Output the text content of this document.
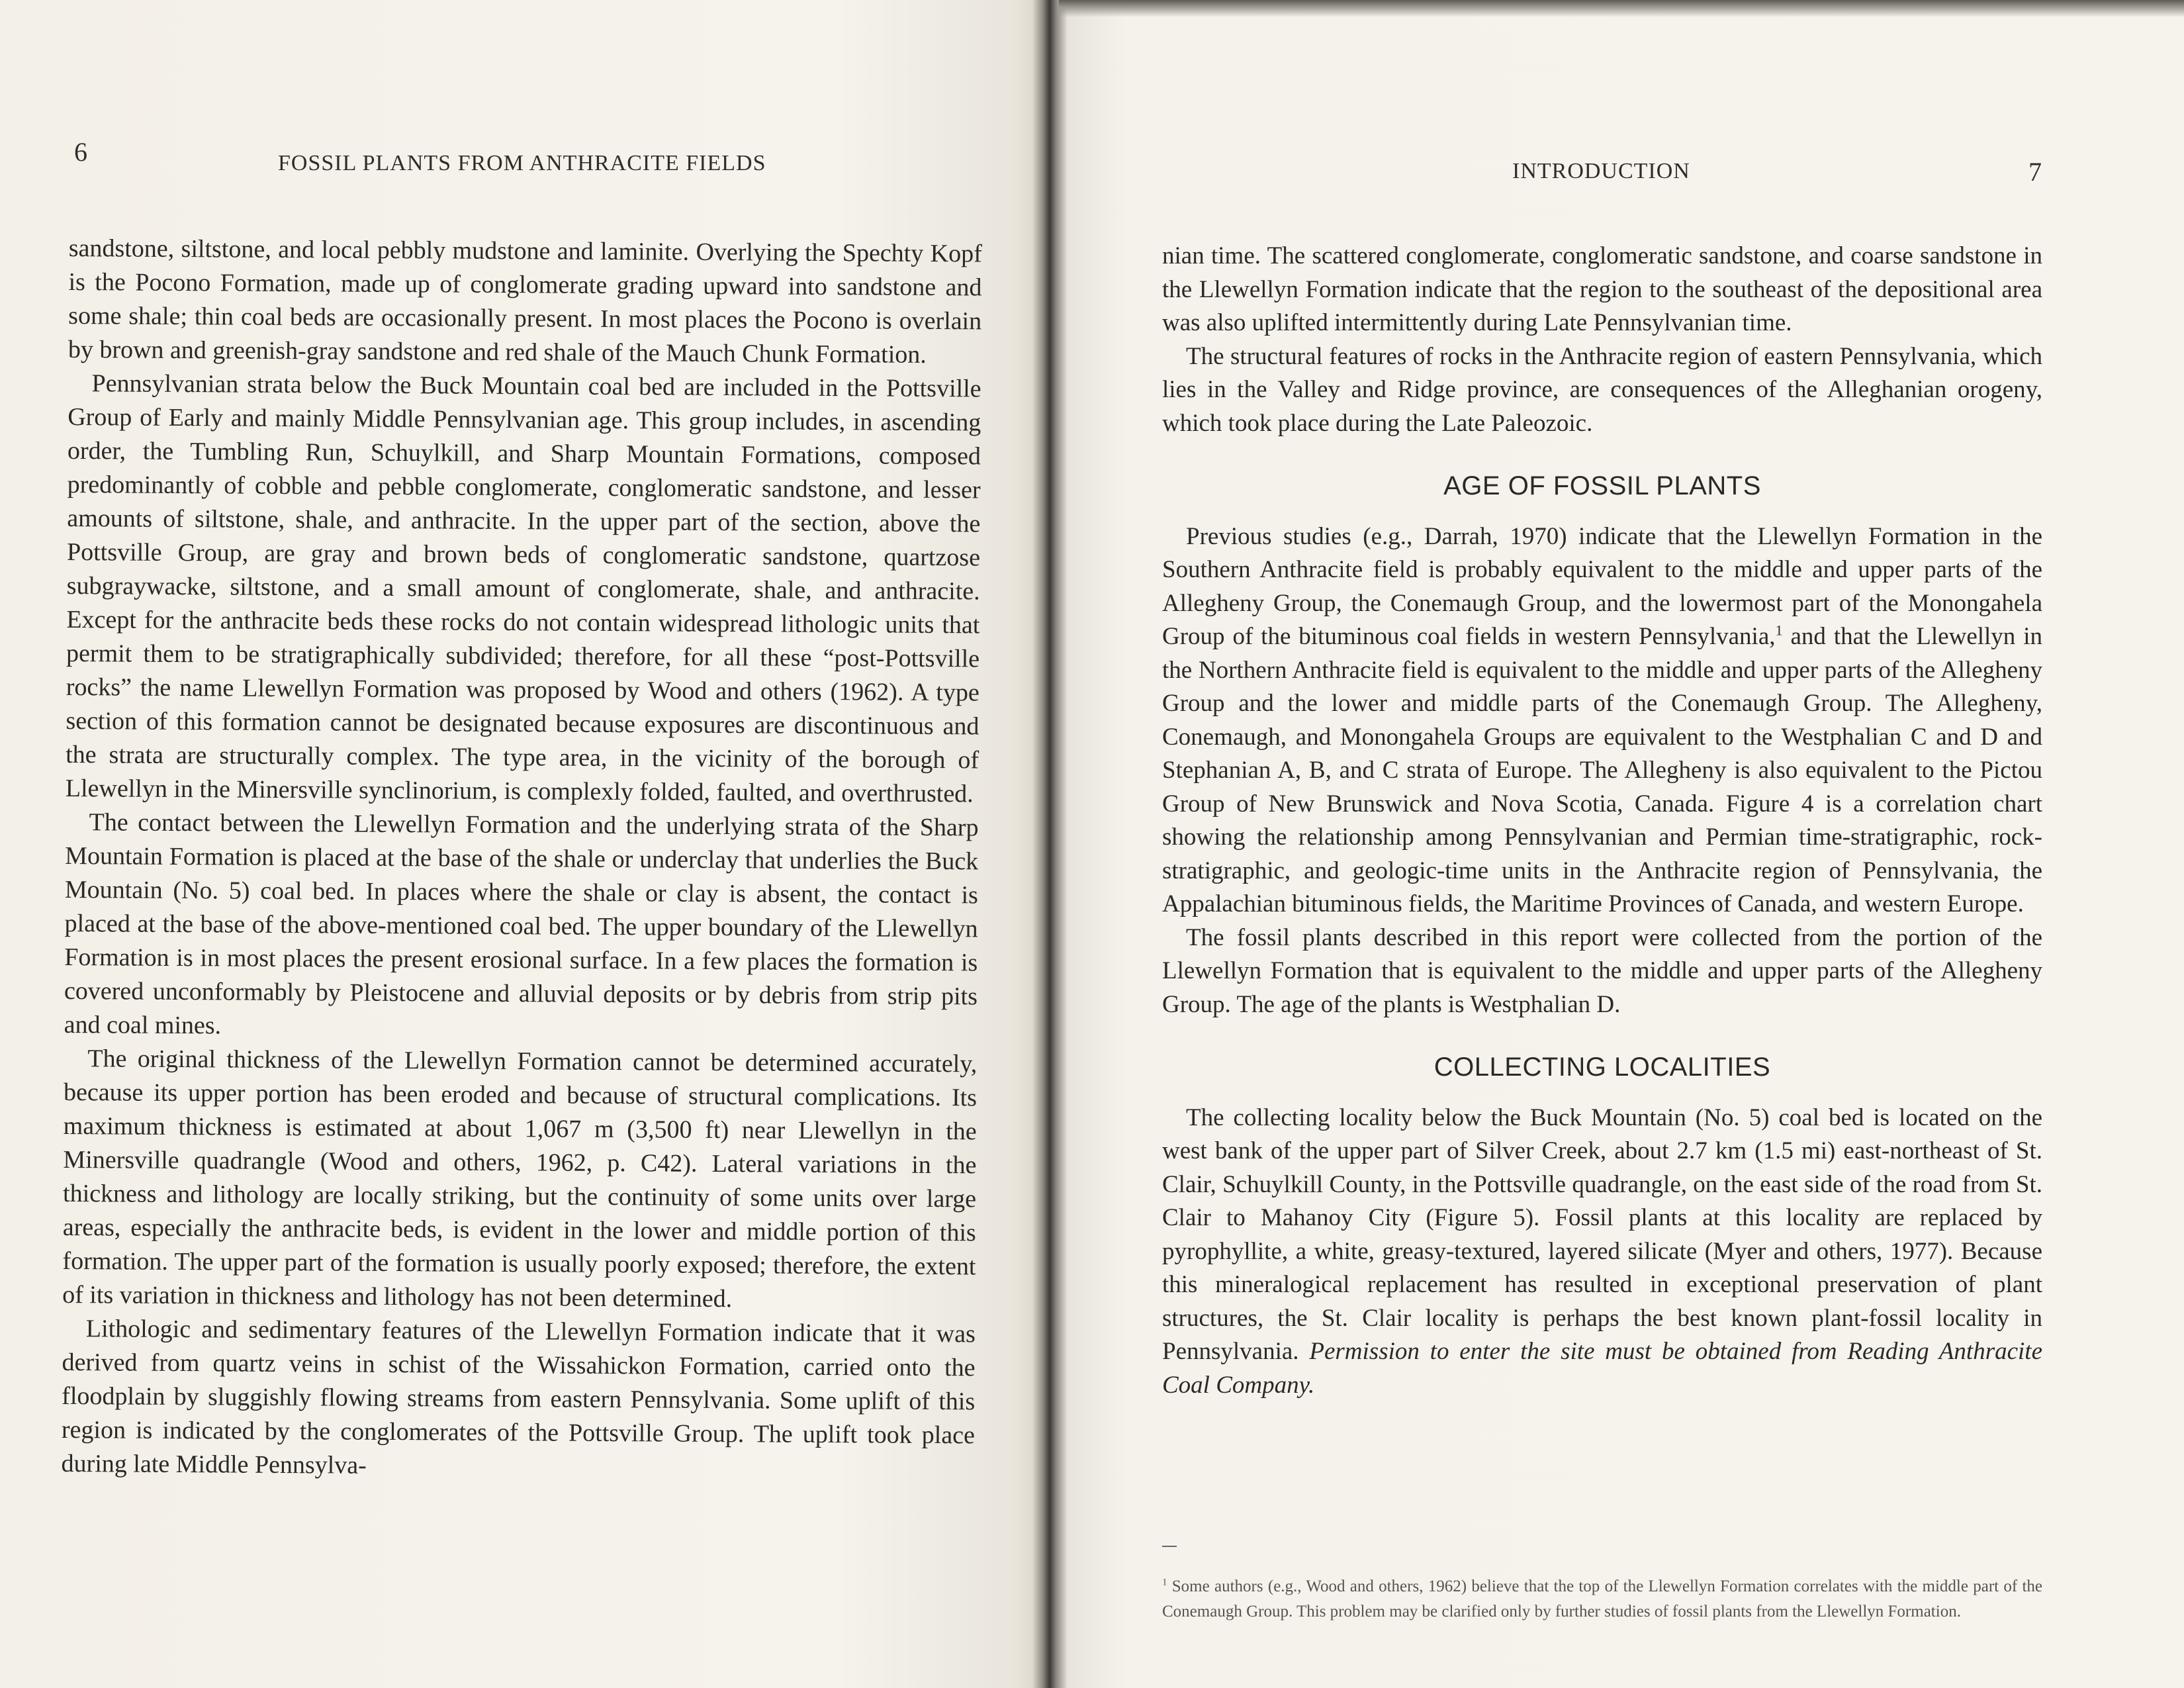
6	FOSSIL PLANTS FROM ANTHRACITE FIELDS

sandstone, siltstone, and local pebbly mudstone and laminite. Overlying the Spechty Kopf is the Pocono Formation, made up of conglomerate grading upward into sandstone and some shale; thin coal beds are occasionally present. In most places the Pocono is overlain by brown and greenish-gray sandstone and red shale of the Mauch Chunk Formation.

Pennsylvanian strata below the Buck Mountain coal bed are included in the Pottsville Group of Early and mainly Middle Pennsylvanian age. This group includes, in ascending order, the Tumbling Run, Schuylkill, and Sharp Mountain Formations, composed predominantly of cobble and pebble conglomerate, conglomeratic sandstone, and lesser amounts of siltstone, shale, and anthracite. In the upper part of the section, above the Pottsville Group, are gray and brown beds of conglomeratic sandstone, quartzose subgraywacke, siltstone, and a small amount of conglomerate, shale, and anthracite. Except for the anthracite beds these rocks do not contain widespread lithologic units that permit them to be stratigraphically subdivided; therefore, for all these “post-Pottsville rocks” the name Llewellyn Formation was proposed by Wood and others (1962). A type section of this formation cannot be designated because exposures are discontinuous and the strata are structurally complex. The type area, in the vicinity of the borough of Llewellyn in the Minersville synclinorium, is complexly folded, faulted, and overthrusted.

The contact between the Llewellyn Formation and the underlying strata of the Sharp Mountain Formation is placed at the base of the shale or underclay that underlies the Buck Mountain (No. 5) coal bed. In places where the shale or clay is absent, the contact is placed at the base of the above-mentioned coal bed. The upper boundary of the Llewellyn Formation is in most places the present erosional surface. In a few places the formation is covered unconformably by Pleistocene and alluvial deposits or by debris from strip pits and coal mines.

The original thickness of the Llewellyn Formation cannot be determined accurately, because its upper portion has been eroded and because of structural complications. Its maximum thickness is estimated at about 1,067 m (3,500 ft) near Llewellyn in the Minersville quadrangle (Wood and others, 1962, p. C42). Lateral variations in the thickness and lithology are locally striking, but the continuity of some units over large areas, especially the anthracite beds, is evident in the lower and middle portion of this formation. The upper part of the formation is usually poorly exposed; therefore, the extent of its variation in thickness and lithology has not been determined.

Lithologic and sedimentary features of the Llewellyn Formation indicate that it was derived from quartz veins in schist of the Wissahickon Formation, carried onto the floodplain by sluggishly flowing streams from eastern Pennsylvania. Some uplift of this region is indicated by the conglomerates of the Pottsville Group. The uplift took place during late Middle Pennsylva-

INTRODUCTION	7

nian time. The scattered conglomerate, conglomeratic sandstone, and coarse sandstone in the Llewellyn Formation indicate that the region to the southeast of the depositional area was also uplifted intermittently during Late Pennsylvanian time.

The structural features of rocks in the Anthracite region of eastern Pennsylvania, which lies in the Valley and Ridge province, are consequences of the Alleghanian orogeny, which took place during the Late Paleozoic.

AGE OF FOSSIL PLANTS

Previous studies (e.g., Darrah, 1970) indicate that the Llewellyn Formation in the Southern Anthracite field is probably equivalent to the middle and upper parts of the Allegheny Group, the Conemaugh Group, and the lowermost part of the Monongahela Group of the bituminous coal fields in western Pennsylvania,$^1$ and that the Llewellyn in the Northern Anthracite field is equivalent to the middle and upper parts of the Allegheny Group and the lower and middle parts of the Conemaugh Group. The Allegheny, Conemaugh, and Monongahela Groups are equivalent to the Westphalian C and D and Stephanian A, B, and C strata of Europe. The Allegheny is also equivalent to the Pictou Group of New Brunswick and Nova Scotia, Canada. Figure 4 is a correlation chart showing the relationship among Pennsylvanian and Permian time-stratigraphic, rock-stratigraphic, and geologic-time units in the Anthracite region of Pennsylvania, the Appalachian bituminous fields, the Maritime Provinces of Canada, and western Europe.

The fossil plants described in this report were collected from the portion of the Llewellyn Formation that is equivalent to the middle and upper parts of the Allegheny Group. The age of the plants is Westphalian D.

COLLECTING LOCALITIES

The collecting locality below the Buck Mountain (No. 5) coal bed is located on the west bank of the upper part of Silver Creek, about 2.7 km (1.5 mi) east-northeast of St. Clair, Schuylkill County, in the Pottsville quadrangle, on the east side of the road from St. Clair to Mahanoy City (Figure 5). Fossil plants at this locality are replaced by pyrophyllite, a white, greasy-textured, layered silicate (Myer and others, 1977). Because this mineralogical replacement has resulted in exceptional preservation of plant structures, the St. Clair locality is perhaps the best known plant-fossil locality in Pennsylvania. Permission to enter the site must be obtained from Reading Anthracite Coal Company.

$^1$ Some authors (e.g., Wood and others, 1962) believe that the top of the Llewellyn Formation correlates with the middle part of the Conemaugh Group. This problem may be clarified only by further studies of fossil plants from the Llewellyn Formation.
